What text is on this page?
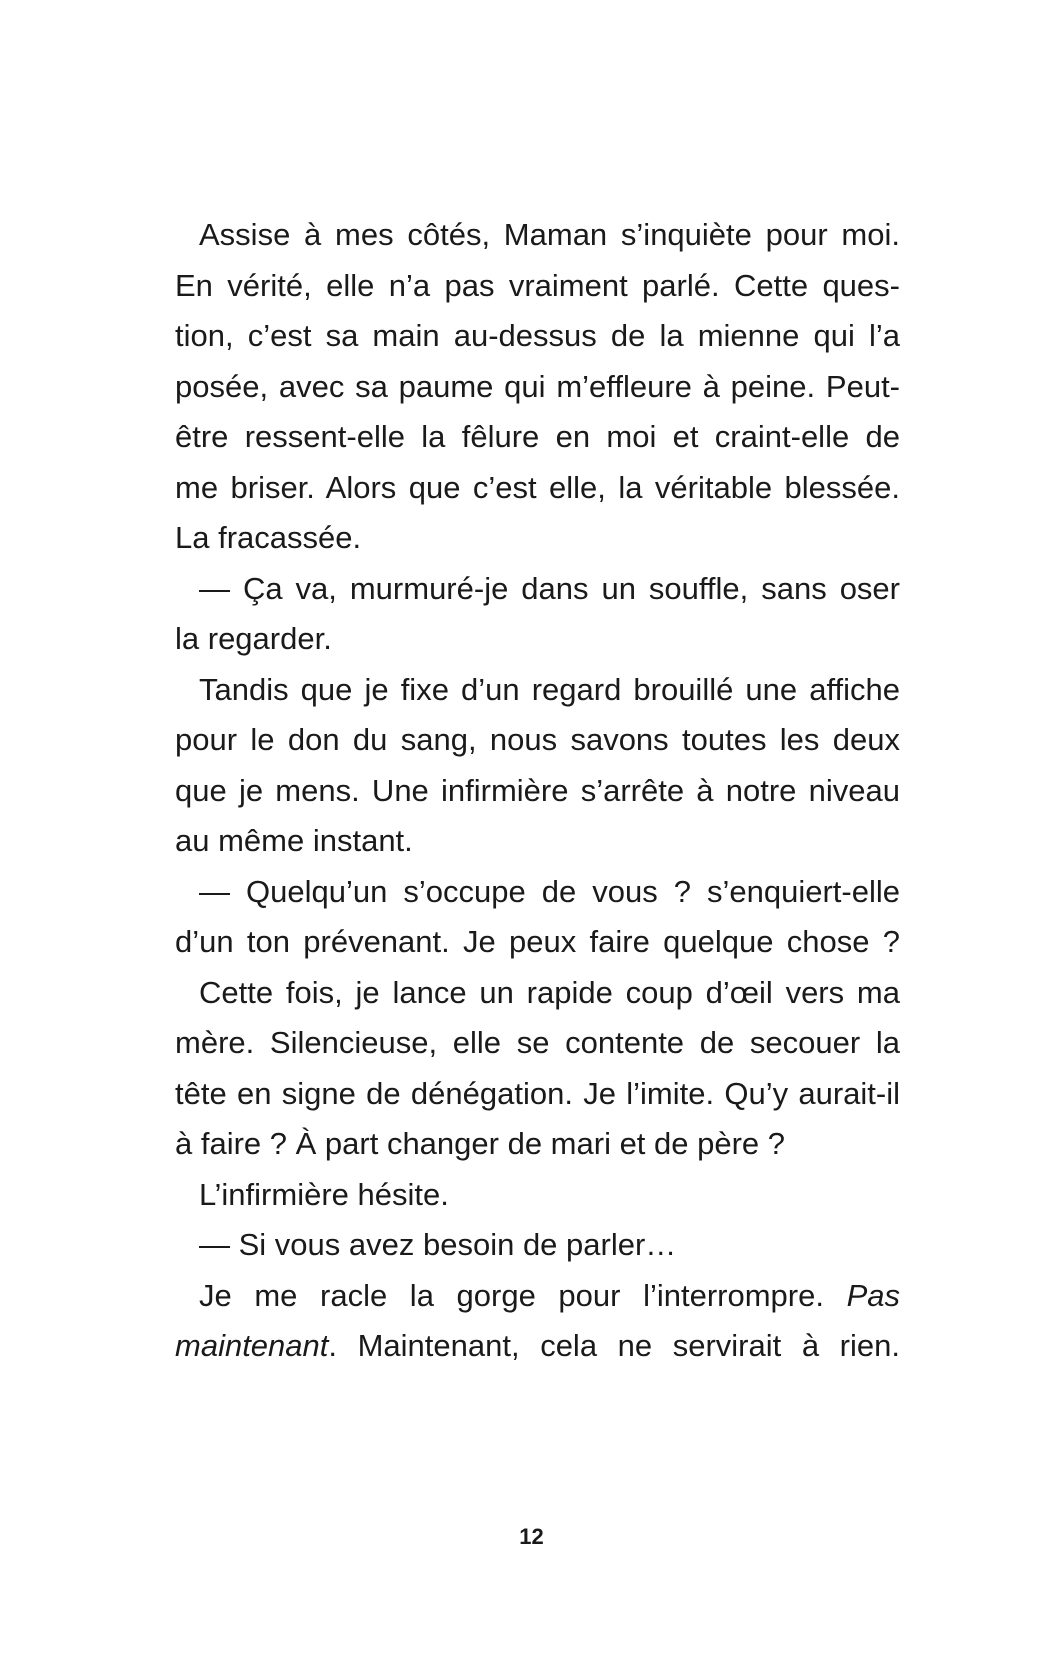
Assise à mes côtés, Maman s’inquiète pour moi.
En vérité, elle n’a pas vraiment parlé. Cette ques-
tion, c’est sa main au-dessus de la mienne qui l’a
posée, avec sa paume qui m’effleure à peine. Peut-
être ressent-elle la fêlure en moi et craint-elle de
me briser. Alors que c’est elle, la véritable blessée.
La fracassée.
— Ça va, murmuré-je dans un souffle, sans oser
la regarder.
Tandis que je fixe d’un regard brouillé une affiche
pour le don du sang, nous savons toutes les deux
que je mens. Une infirmière s’arrête à notre niveau
au même instant.
— Quelqu’un s’occupe de vous ? s’enquiert-elle
d’un ton prévenant. Je peux faire quelque chose ?
Cette fois, je lance un rapide coup d’œil vers ma
mère. Silencieuse, elle se contente de secouer la
tête en signe de dénégation. Je l’imite. Qu’y aurait-il
à faire ? À part changer de mari et de père ?
L’infirmière hésite.
— Si vous avez besoin de parler…
Je me racle la gorge pour l’interrompre. Pas
maintenant. Maintenant, cela ne servirait à rien.
12
